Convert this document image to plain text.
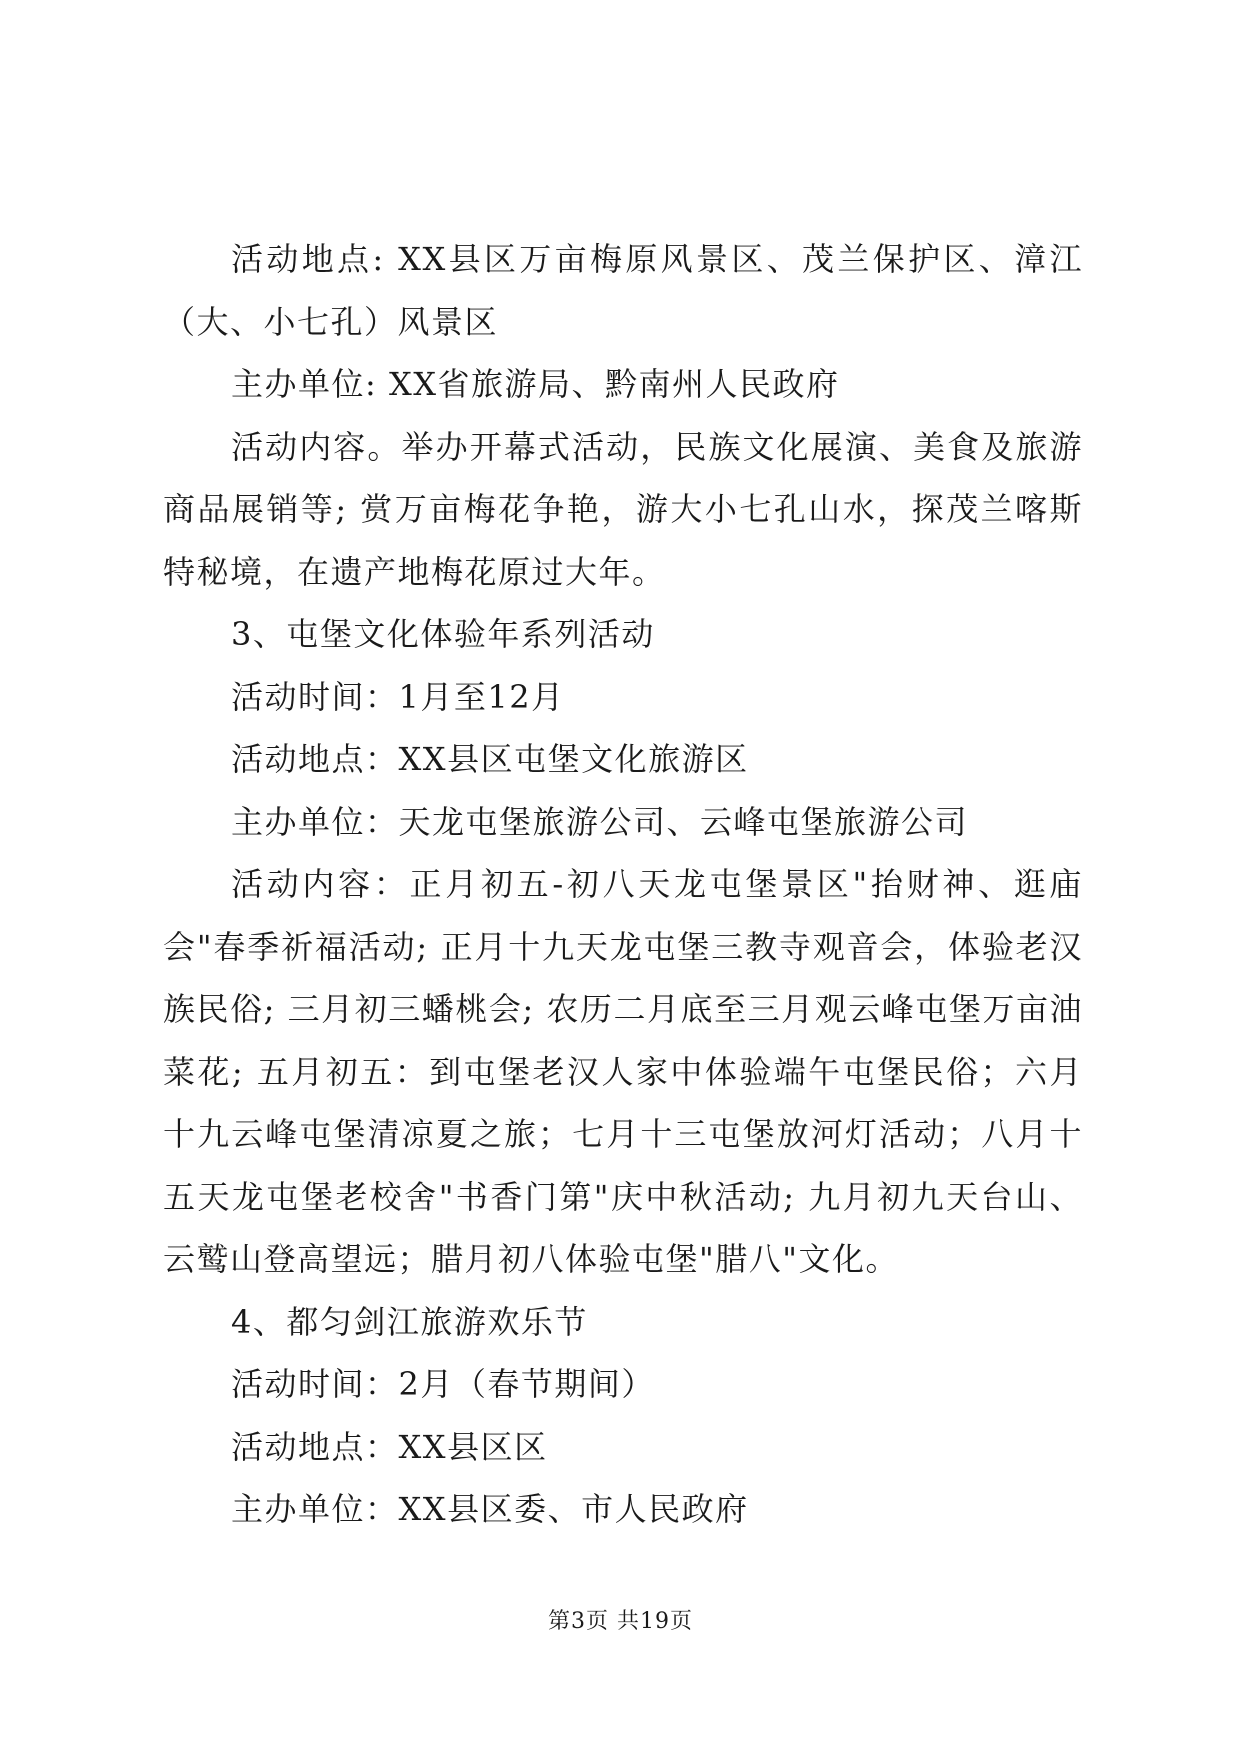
活动地点: XX县区万亩梅原风景区、茂兰保护区、漳江（大、小七孔）风景区

主办单位: XX省旅游局、黔南州人民政府

活动内容。举办开幕式活动，民族文化展演、美食及旅游商品展销等; 赏万亩梅花争艳，游大小七孔山水，探茂兰喀斯特秘境，在遗产地梅花原过大年。

3、屯堡文化体验年系列活动

活动时间：1月至12月

活动地点：XX县区屯堡文化旅游区

主办单位：天龙屯堡旅游公司、云峰屯堡旅游公司

活动内容：正月初五-初八天龙屯堡景区"抬财神、逛庙会"春季祈福活动; 正月十九天龙屯堡三教寺观音会，体验老汉族民俗; 三月初三蟠桃会; 农历二月底至三月观云峰屯堡万亩油菜花; 五月初五：到屯堡老汉人家中体验端午屯堡民俗；六月十九云峰屯堡清凉夏之旅；七月十三屯堡放河灯活动；八月十五天龙屯堡老校舍"书香门第"庆中秋活动; 九月初九天台山、云鹫山登高望远；腊月初八体验屯堡"腊八"文化。

4、都匀剑江旅游欢乐节

活动时间：2月（春节期间）

活动地点：XX县区区

主办单位：XX县区委、市人民政府

第3页 共19页
